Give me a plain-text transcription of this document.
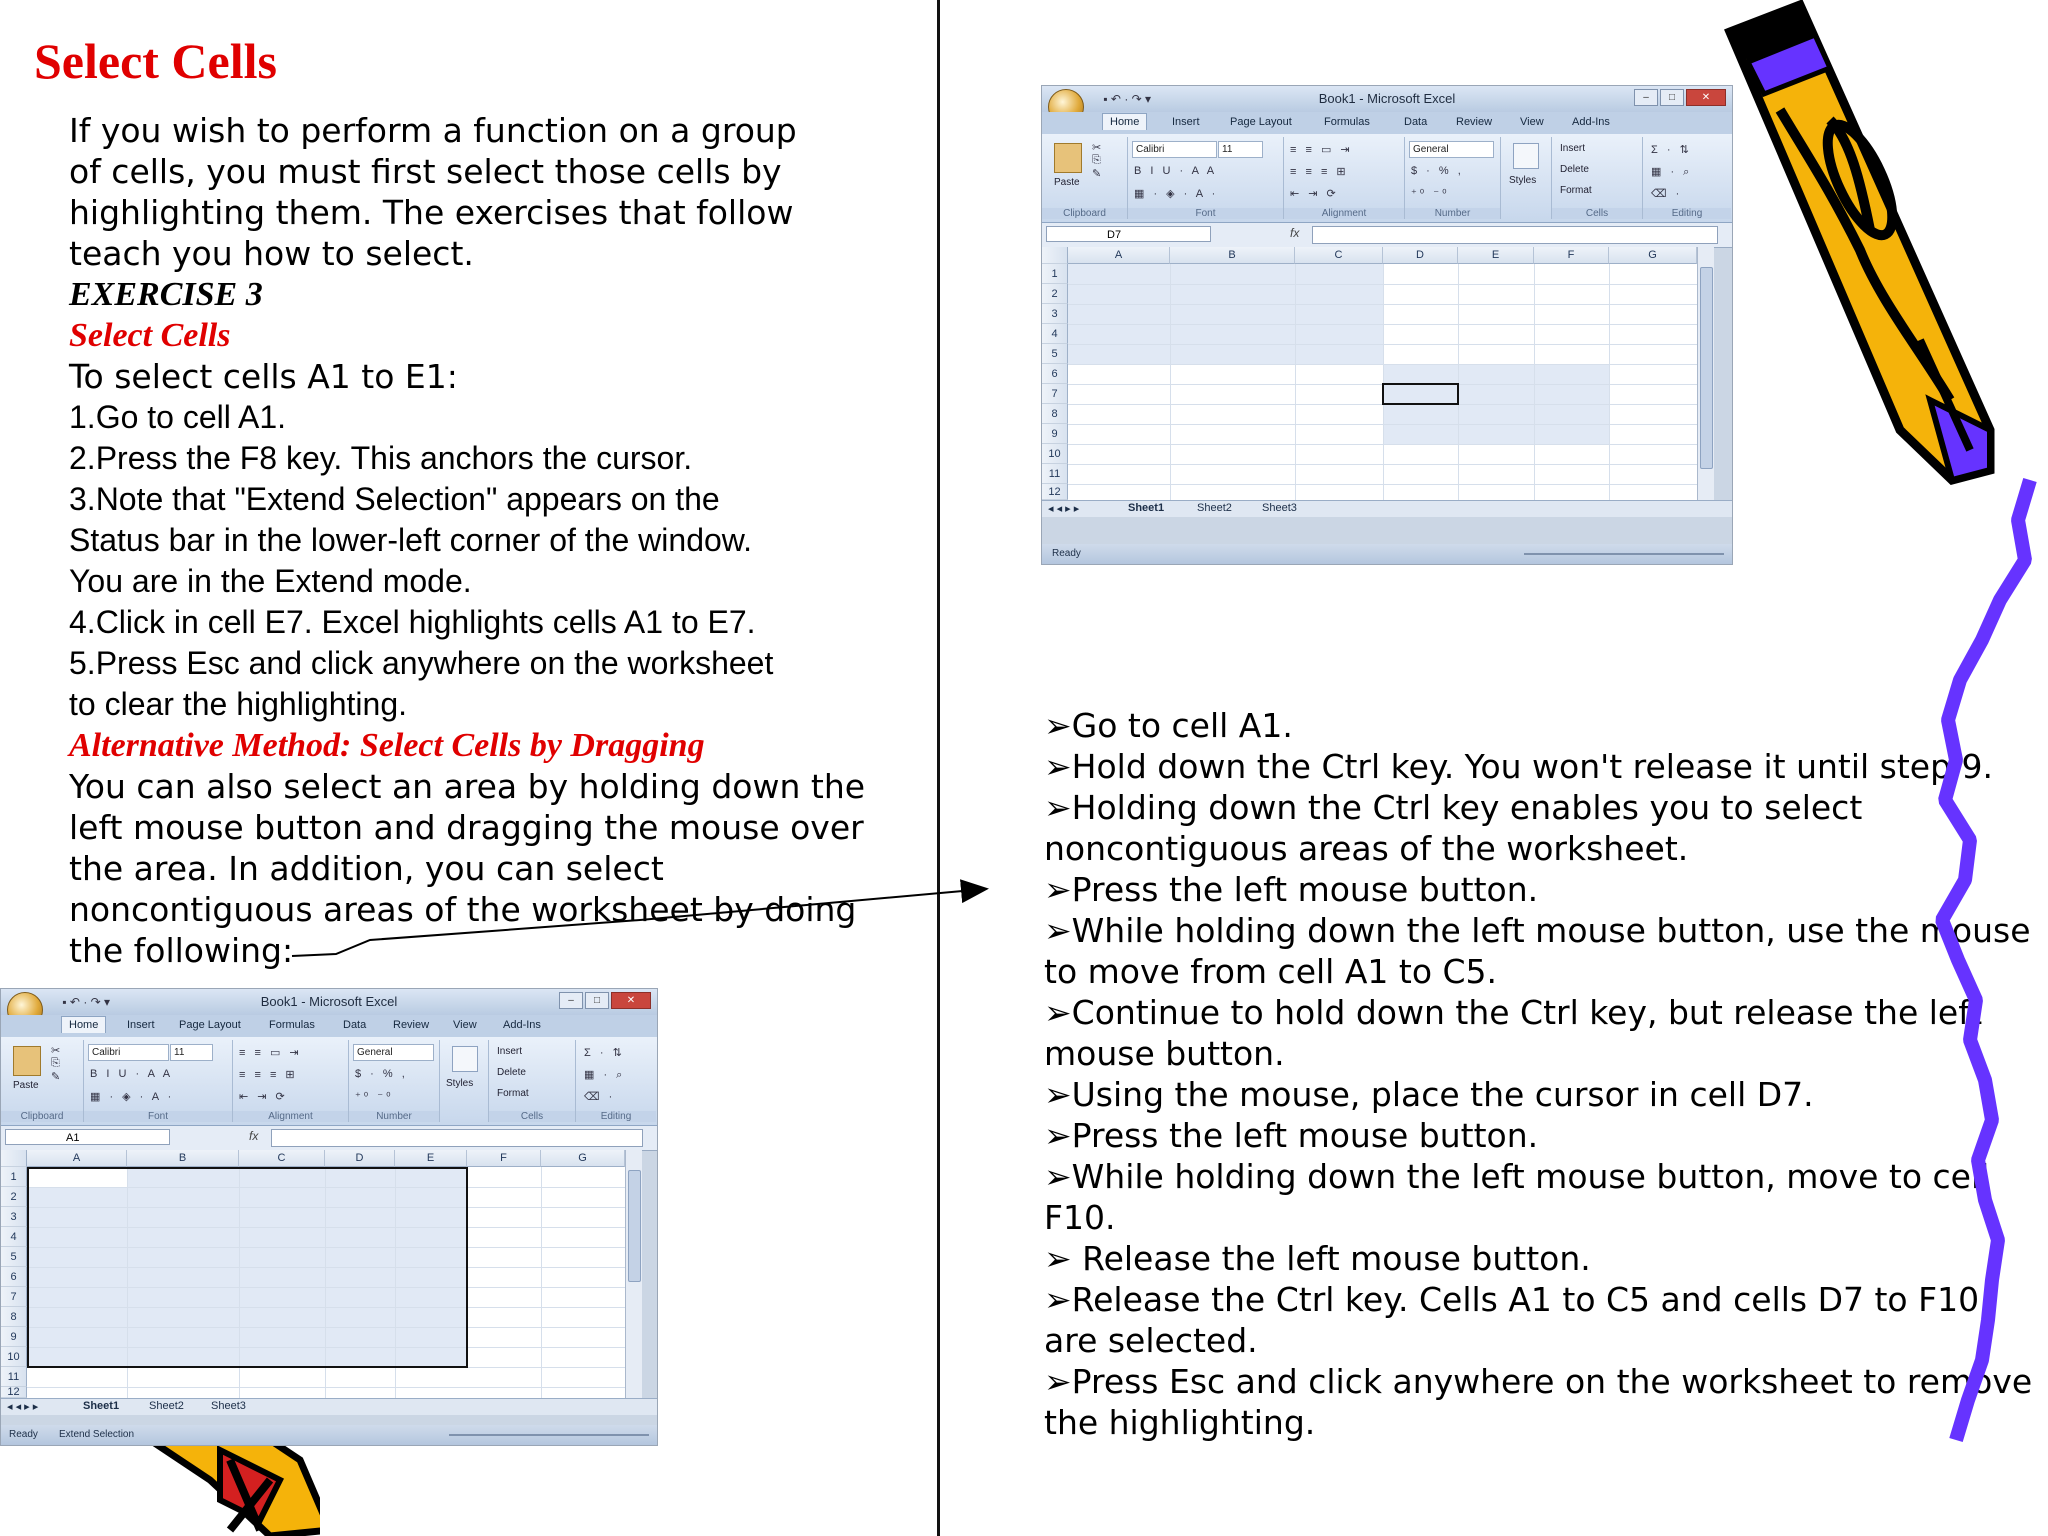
Select Cells
If you wish to perform a function on a group
of cells, you must first select those cells by
highlighting them. The exercises that follow
teach you how to select.
EXERCISE 3
Select Cells
To select cells A1 to E1:
1.Go to cell A1.
2.Press the F8 key. This anchors the cursor.
3.Note that "Extend Selection" appears on the
Status bar in the lower-left corner of the window.
You are in the Extend mode.
4.Click in cell E7. Excel highlights cells A1 to E7.
5.Press Esc and click anywhere on the worksheet
to clear the highlighting.
Alternative Method: Select Cells by Dragging
You can also select an area by holding down the
left mouse button and dragging the mouse over
the area. In addition, you can select
noncontiguous areas of the worksheet by doing
the following:
➢Go to cell A1.
➢Hold down the Ctrl key. You won't release it until step 9.
➢Holding down the Ctrl key enables you to select
noncontiguous areas of the worksheet.
➢Press the left mouse button.
➢While holding down the left mouse button, use the mouse
to move from cell A1 to C5.
➢Continue to hold down the Ctrl key, but release the left
mouse button.
➢Using the mouse, place the cursor in cell D7.
➢Press the left mouse button.
➢While holding down the left mouse button, move to cell
F10.
➢ Release the left mouse button.
➢Release the Ctrl key. Cells A1 to C5 and cells D7 to F10
are selected.
➢Press Esc and click anywhere on the worksheet to remove
the highlighting.
Book1 - Microsoft Excel	–	□	✕
▪ ↶ · ↷ ▾
Home	Insert	Page Layout	Formulas	Data	Review	View	Add-Ins
Paste
✂
⎘
✎
Clipboard
Calibri	11
B I U · A A
▦ · ◈ · A ·
Font
≡ ≡ ▭ ⇥
≡ ≡ ≡ ⊞
⇤ ⇥ ⟳
Alignment
General
$ · % ,
⁺⁰ ⁻⁰
Number
Styles
Insert
Delete
Format
Cells
Σ · ⇅
▦ · ⌕
⌫ ·
Editing
D7	fx
A	B	C	D	E	F	G
1
2
3
4
5
6
7
8
9
10
11
12
◂ ◂ ▸ ▸	Sheet1	Sheet2	Sheet3
Ready
Book1 - Microsoft Excel	–	□	✕
▪ ↶ · ↷ ▾
Home	Insert Page Layout	Formulas	Data Review View Add-Ins
Paste
✂
⎘
✎
Clipboard
Calibri	11
B I U · A A
▦ · ◈ · A ·
Font
≡ ≡ ▭ ⇥
≡ ≡ ≡ ⊞
⇤ ⇥ ⟳
Alignment
General
$ · % ,
⁺⁰ ⁻⁰
Number
Styles
Insert
Delete
Format
Cells
Σ · ⇅
▦ · ⌕
⌫ ·
Editing
A1	fx
A	B	C	D	E	F	G
1
2
3
4
5
6
7
8
9
10
11
12
◂ ◂ ▸ ▸	Sheet1	Sheet2 Sheet3
Ready Extend Selection
